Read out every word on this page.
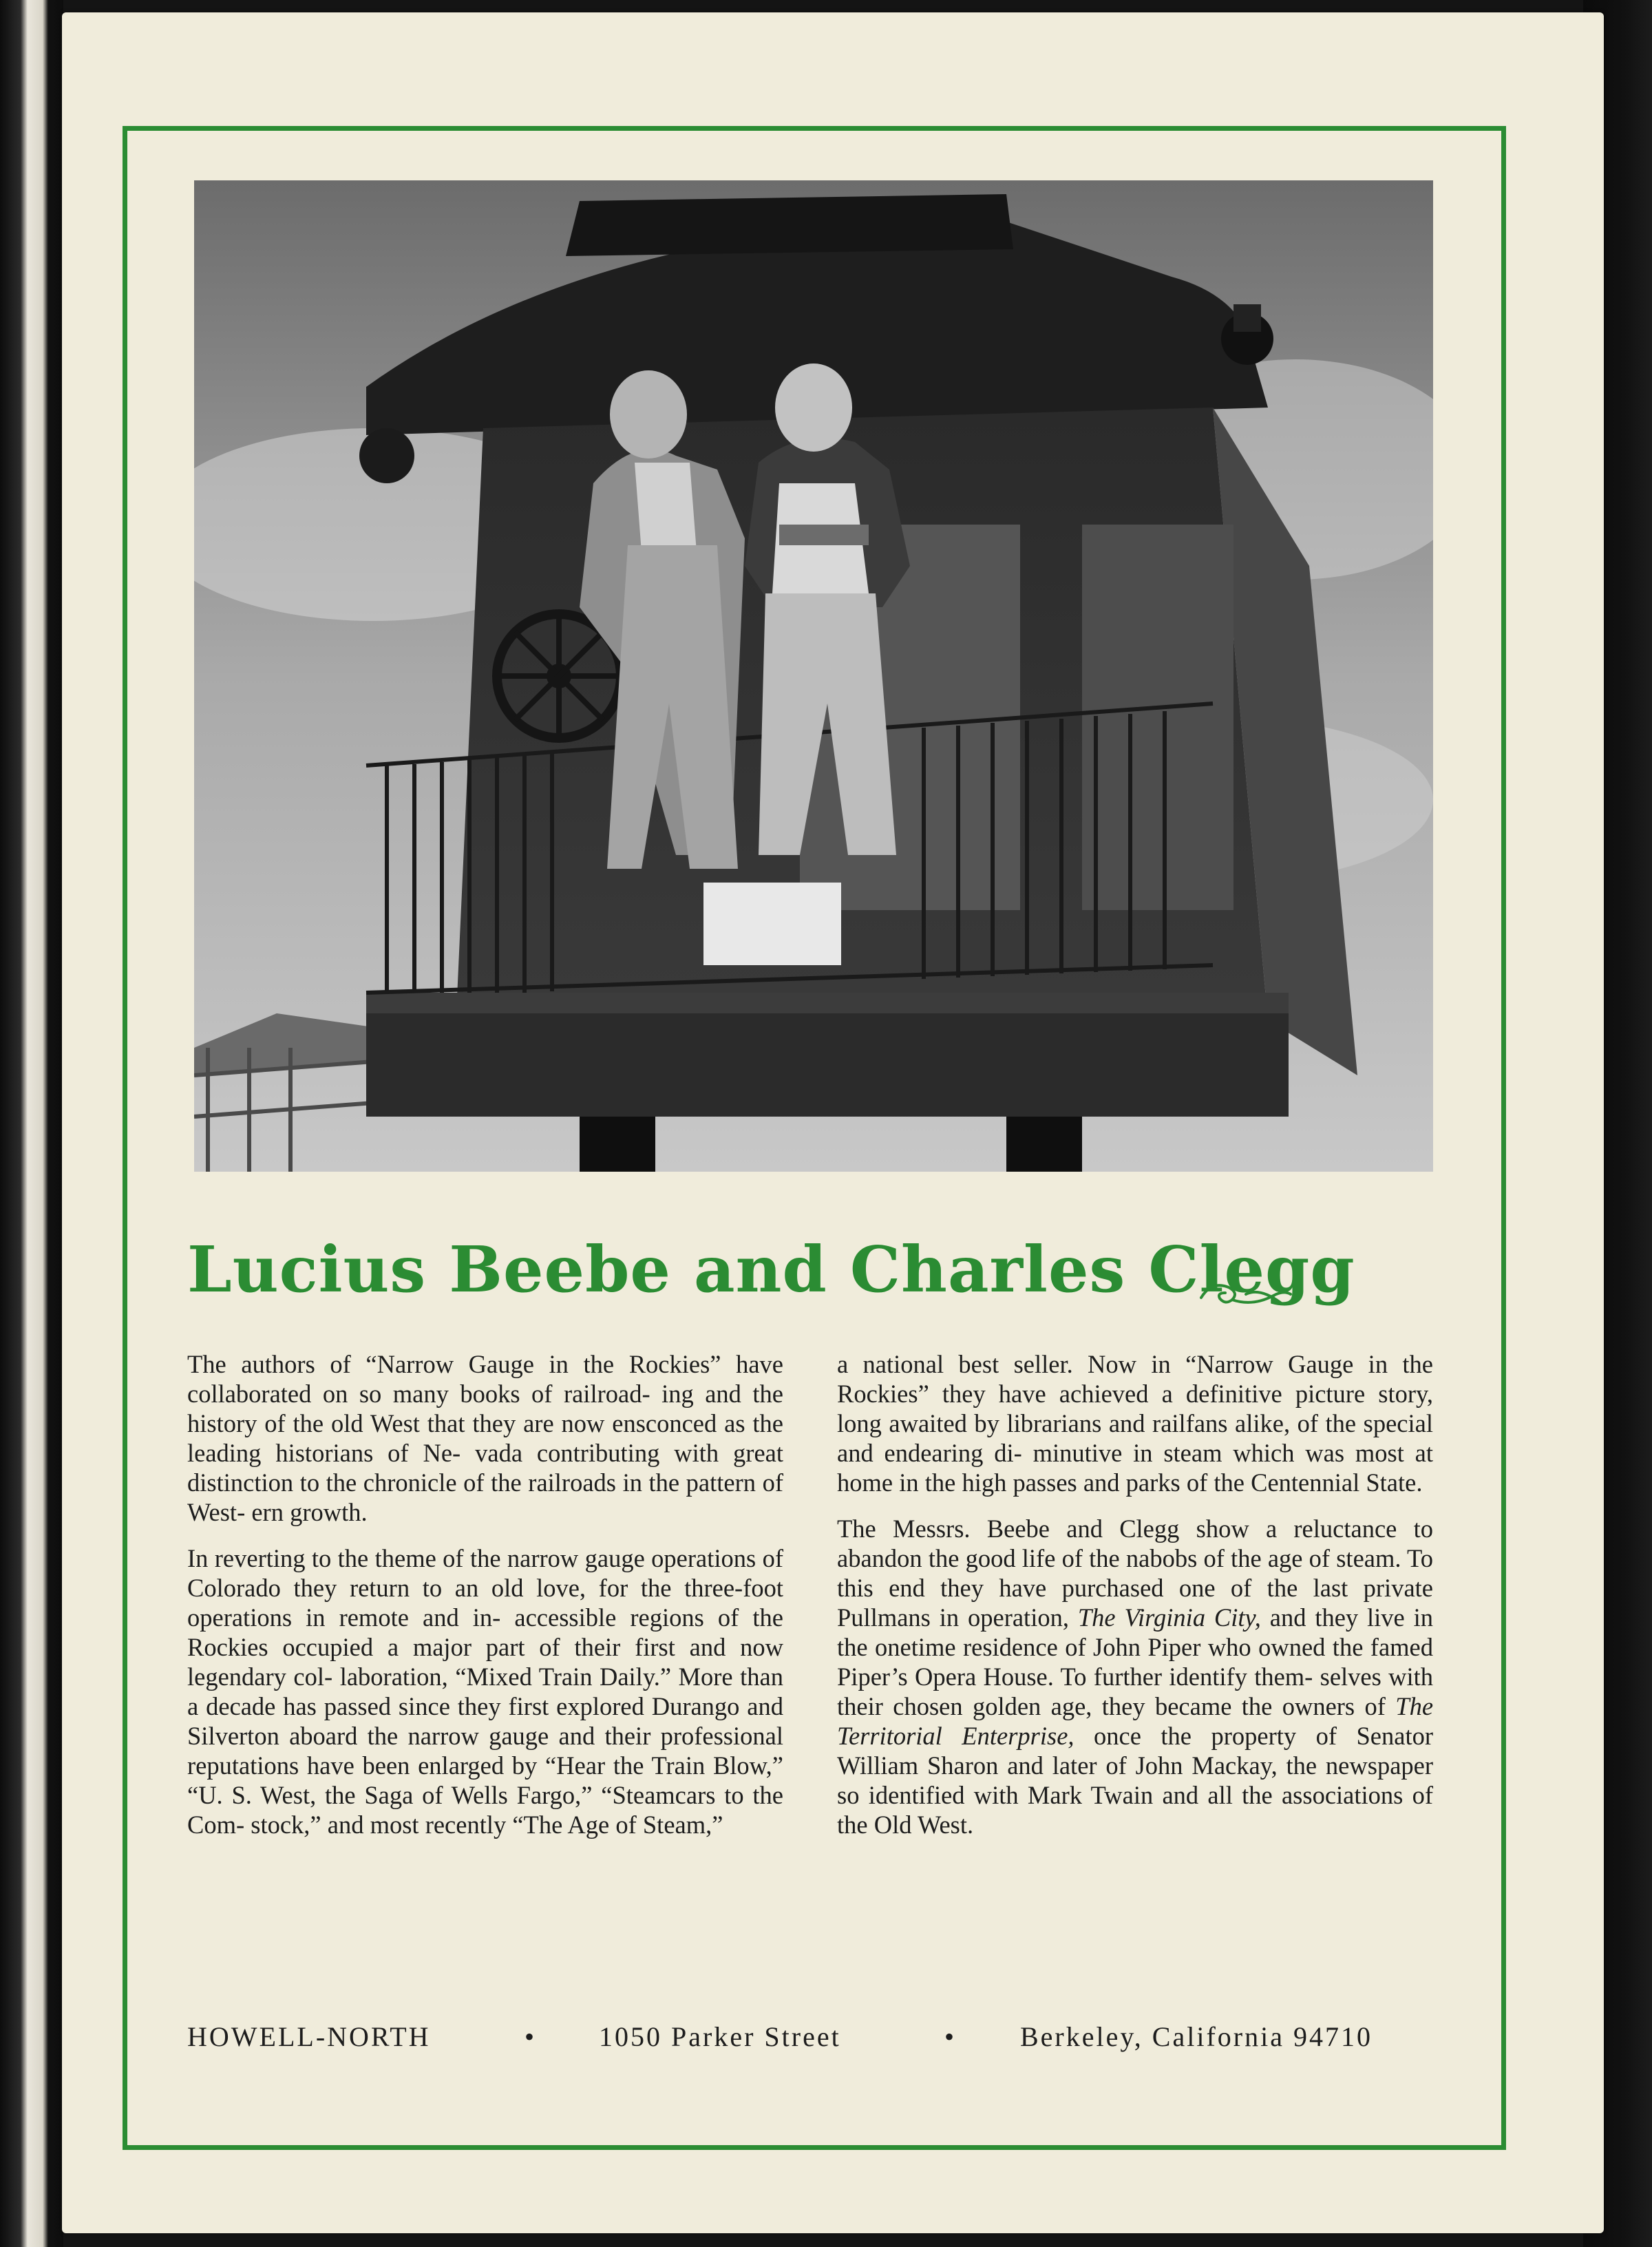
Lucius Beebe and Charles Clegg

The authors of “Narrow Gauge in the Rockies” have collaborated on so many books of railroad- ing and the history of the old West that they are now ensconced as the leading historians of Ne- vada contributing with great distinction to the chronicle of the railroads in the pattern of West- ern growth.

In reverting to the theme of the narrow gauge operations of Colorado they return to an old love, for the three-foot operations in remote and in- accessible regions of the Rockies occupied a major part of their first and now legendary col- laboration, “Mixed Train Daily.” More than a decade has passed since they first explored Durango and Silverton aboard the narrow gauge and their professional reputations have been enlarged by “Hear the Train Blow,” “U. S. West, the Saga of Wells Fargo,” “Steamcars to the Com- stock,” and most recently “The Age of Steam,”

a national best seller. Now in “Narrow Gauge in the Rockies” they have achieved a definitive picture story, long awaited by librarians and railfans alike, of the special and endearing di- minutive in steam which was most at home in the high passes and parks of the Centennial State.

The Messrs. Beebe and Clegg show a reluctance to abandon the good life of the nabobs of the age of steam. To this end they have purchased one of the last private Pullmans in operation, The Virginia City, and they live in the onetime residence of John Piper who owned the famed Piper’s Opera House. To further identify them- selves with their chosen golden age, they became the owners of The Territorial Enterprise, once the property of Senator William Sharon and later of John Mackay, the newspaper so identified with Mark Twain and all the associations of the Old West.

HOWELL-NORTH	• 1050 Parker Street	• Berkeley, California 94710
